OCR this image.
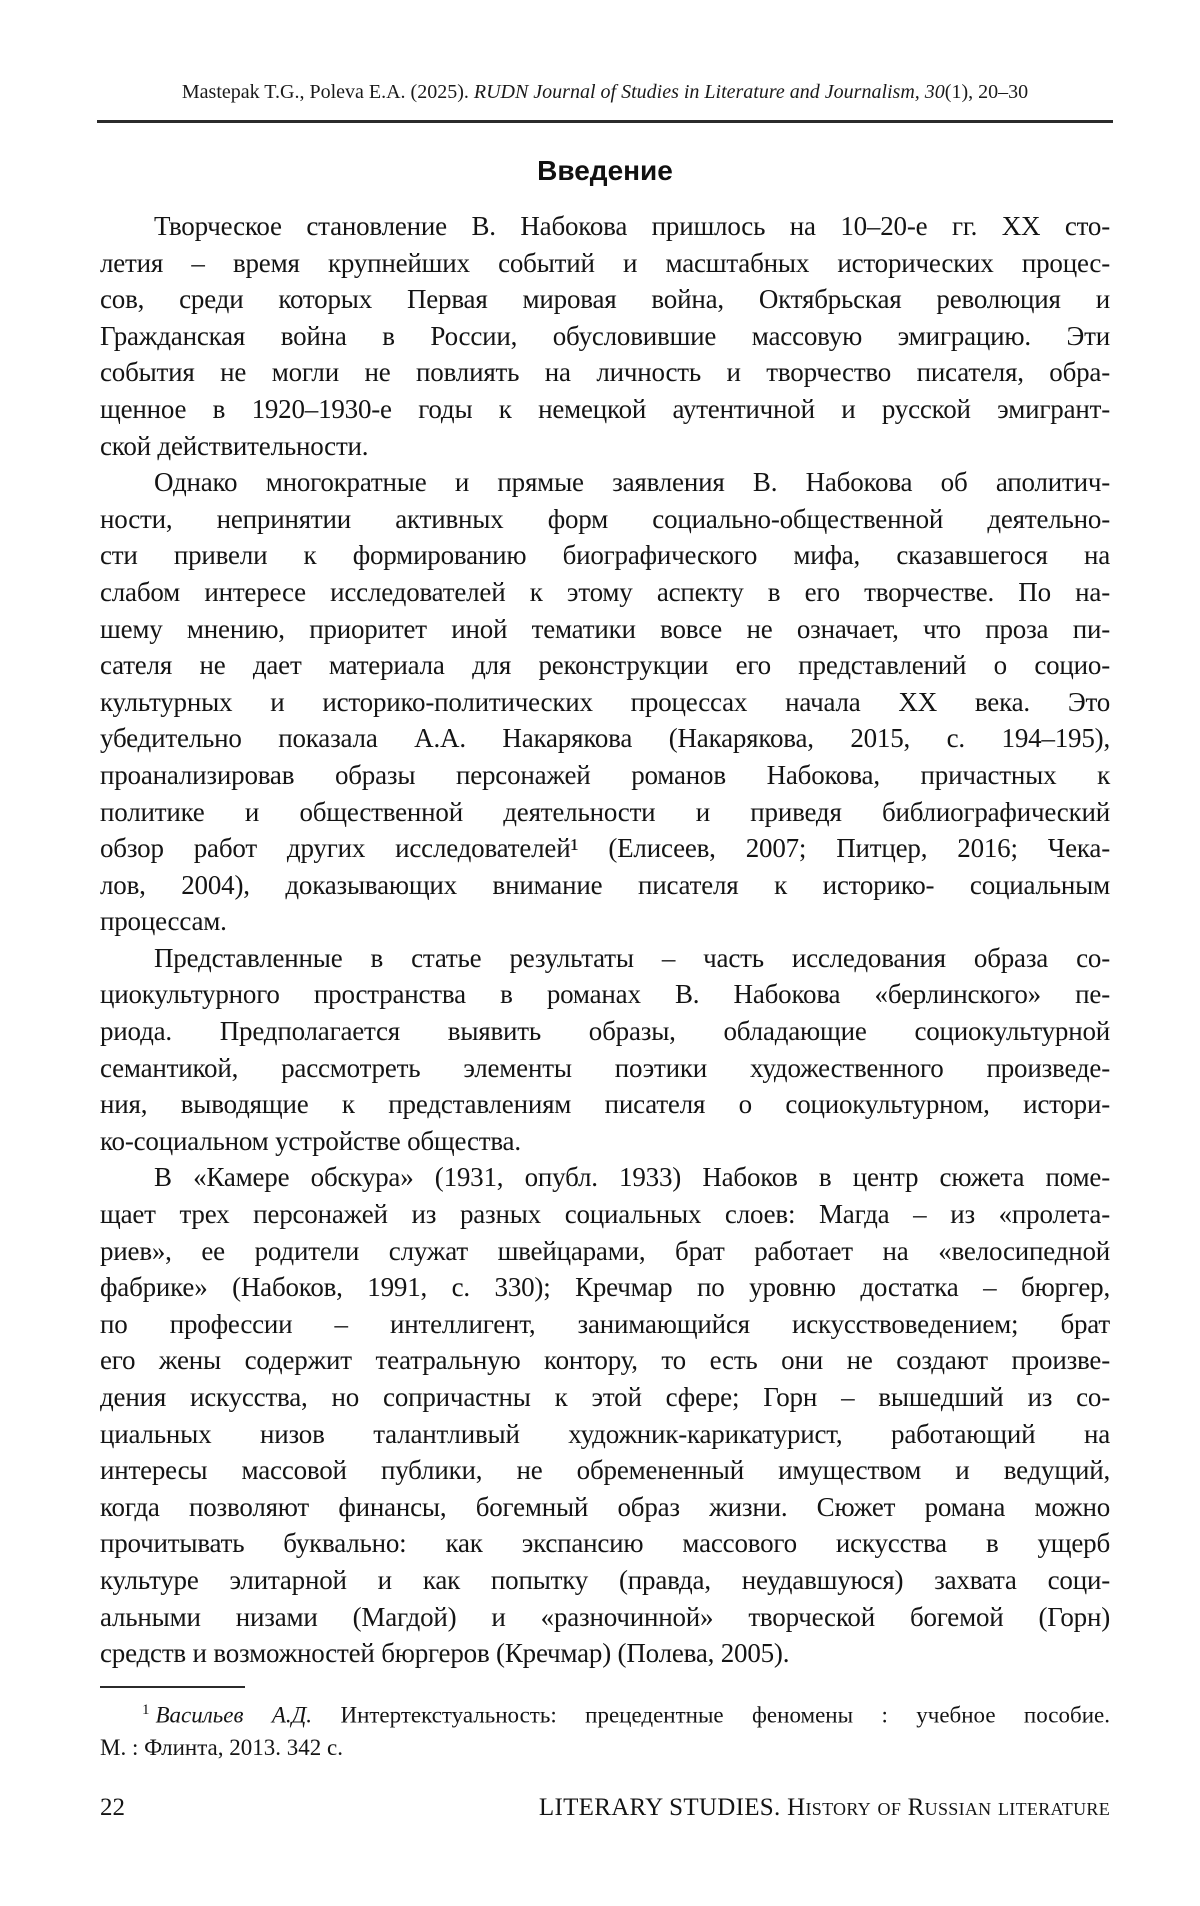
Mastepak T.G., Poleva E.A. (2025). RUDN Journal of Studies in Literature and Journalism, 30(1), 20–30
Введение
Творческое становление В. Набокова пришлось на 10–20-е гг. XX сто-
летия – время крупнейших событий и масштабных исторических процес-
сов, среди которых Первая мировая война, Октябрьская революция и
Гражданская война в России, обусловившие массовую эмиграцию. Эти
события не могли не повлиять на личность и творчество писателя, обра-
щенное в 1920–1930-е годы к немецкой аутентичной и русской эмигрант-
ской действительности.
Однако многократные и прямые заявления В. Набокова об аполитич-
ности, непринятии активных форм социально-общественной деятельно-
сти привели к формированию биографического мифа, сказавшегося на
слабом интересе исследователей к этому аспекту в его творчестве. По на-
шему мнению, приоритет иной тематики вовсе не означает, что проза пи-
сателя не дает материала для реконструкции его представлений о социо-
культурных и историко-политических процессах начала XX века. Это
убедительно показала А.А. Накарякова (Накарякова, 2015, с. 194–195),
проанализировав образы персонажей романов Набокова, причастных к
политике и общественной деятельности и приведя библиографический
обзор работ других исследователей¹ (Елисеев, 2007; Питцер, 2016; Чека-
лов, 2004), доказывающих внимание писателя к историко- социальным
процессам.
Представленные в статье результаты – часть исследования образа со-
циокультурного пространства в романах В. Набокова «берлинского» пе-
риода. Предполагается выявить образы, обладающие социокультурной
семантикой, рассмотреть элементы поэтики художественного произведе-
ния, выводящие к представлениям писателя о социокультурном, истори-
ко-социальном устройстве общества.
В «Камере обскура» (1931, опубл. 1933) Набоков в центр сюжета поме-
щает трех персонажей из разных социальных слоев: Магда – из «пролета-
риев», ее родители служат швейцарами, брат работает на «велосипедной
фабрике» (Набоков, 1991, с. 330); Кречмар по уровню достатка – бюргер,
по профессии – интеллигент, занимающийся искусствоведением; брат
его жены содержит театральную контору, то есть они не создают произве-
дения искусства, но сопричастны к этой сфере; Горн – вышедший из со-
циальных низов талантливый художник-карикатурист, работающий на
интересы массовой публики, не обремененный имуществом и ведущий,
когда позволяют финансы, богемный образ жизни. Сюжет романа можно
прочитывать буквально: как экспансию массового искусства в ущерб
культуре элитарной и как попытку (правда, неудавшуюся) захвата соци-
альными низами (Магдой) и «разночинной» творческой богемой (Горн)
средств и возможностей бюргеров (Кречмар) (Полева, 2005).
$^1$ Васильев А.Д. Интертекстуальность: прецедентные феномены : учебное пособие.
М. : Флинта, 2013. 342 с.
22	LITERARY STUDIES. History of Russian literature
